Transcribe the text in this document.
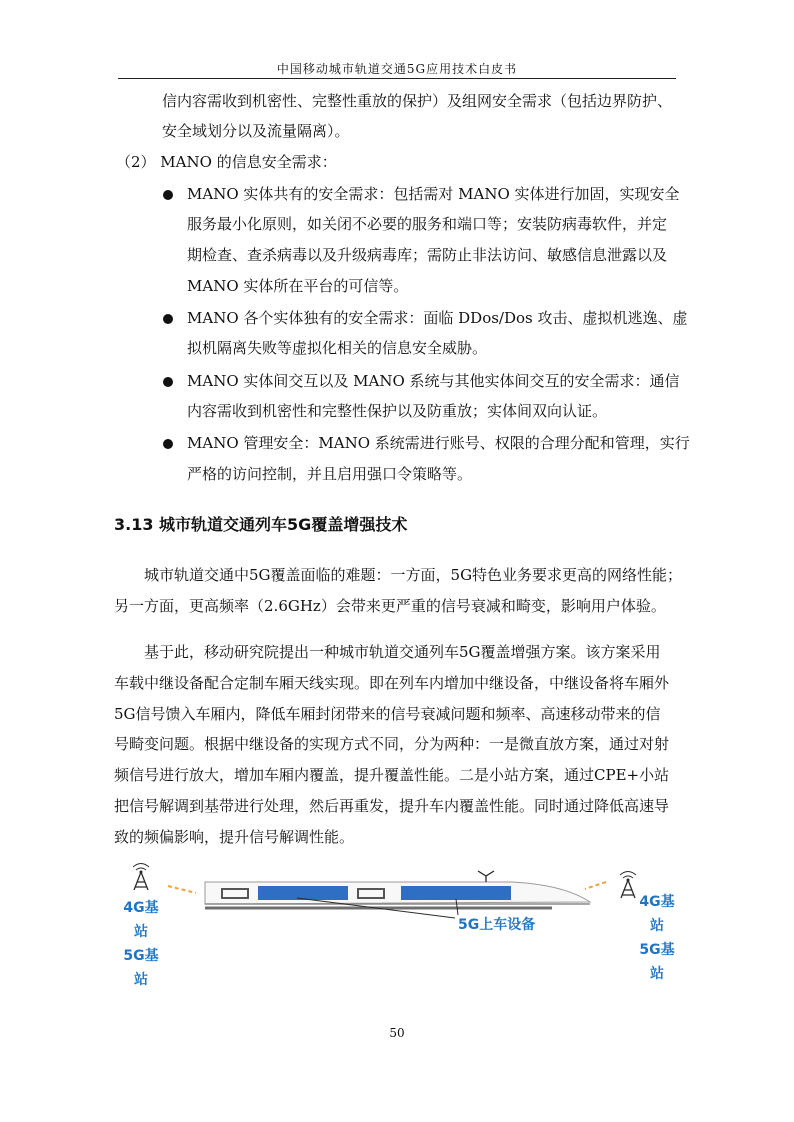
中国移动城市轨道交通5G应用技术白皮书
信内容需收到机密性、完整性重放的保护）及组网安全需求（包括边界防护、
安全域划分以及流量隔离）。
（2） MANO 的信息安全需求：
MANO 实体共有的安全需求：包括需对 MANO 实体进行加固，实现安全
服务最小化原则，如关闭不必要的服务和端口等；安装防病毒软件，并定
期检查、查杀病毒以及升级病毒库；需防止非法访问、敏感信息泄露以及
MANO 实体所在平台的可信等。
MANO 各个实体独有的安全需求：面临 DDos/Dos 攻击、虚拟机逃逸、虚
拟机隔离失败等虚拟化相关的信息安全威胁。
MANO 实体间交互以及 MANO 系统与其他实体间交互的安全需求：通信
内容需收到机密性和完整性保护以及防重放；实体间双向认证。
MANO 管理安全：MANO 系统需进行账号、权限的合理分配和管理，实行
严格的访问控制，并且启用强口令策略等。
3.13 城市轨道交通列车5G覆盖增强技术
城市轨道交通中5G覆盖面临的难题：一方面，5G特色业务要求更高的网络性能；
另一方面，更高频率（2.6GHz）会带来更严重的信号衰减和畸变，影响用户体验。
基于此，移动研究院提出一种城市轨道交通列车5G覆盖增强方案。该方案采用
车载中继设备配合定制车厢天线实现。即在列车内增加中继设备，中继设备将车厢外
5G信号馈入车厢内，降低车厢封闭带来的信号衰减问题和频率、高速移动带来的信
号畸变问题。根据中继设备的实现方式不同，分为两种：一是微直放方案，通过对射
频信号进行放大，增加车厢内覆盖，提升覆盖性能。二是小站方案，通过CPE+小站
把信号解调到基带进行处理，然后再重发，提升车内覆盖性能。同时通过降低高速导
致的频偏影响，提升信号解调性能。
4G基
站
5G基
站
4G基
站
5G基
站
5G上车设备
50
